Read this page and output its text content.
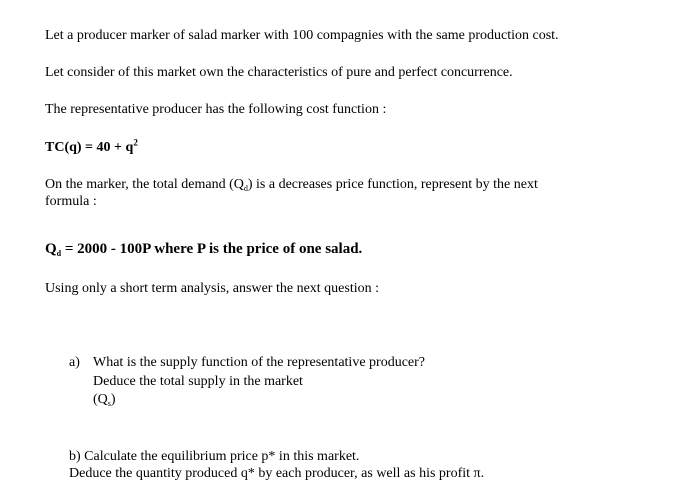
Let a producer marker of salad marker with 100 compagnies with the same production cost.
Let consider of this market own the characteristics of pure and perfect concurrence.
The representative producer has the following cost function :
$TC(q) = 40 + q^2$
On the marker, the total demand $(Q_d)$ is a decreases price function, represent by the next
formula :
$Q_d = 2000 - 100P$ where P is the price of one salad.
Using only a short term analysis, answer the next question :
a) What is the supply function of the representative producer?
Deduce the total supply in the market
$(Q_s)$
b) Calculate the equilibrium price p* in this market.
Deduce the quantity produced q* by each producer, as well as his profit π.
